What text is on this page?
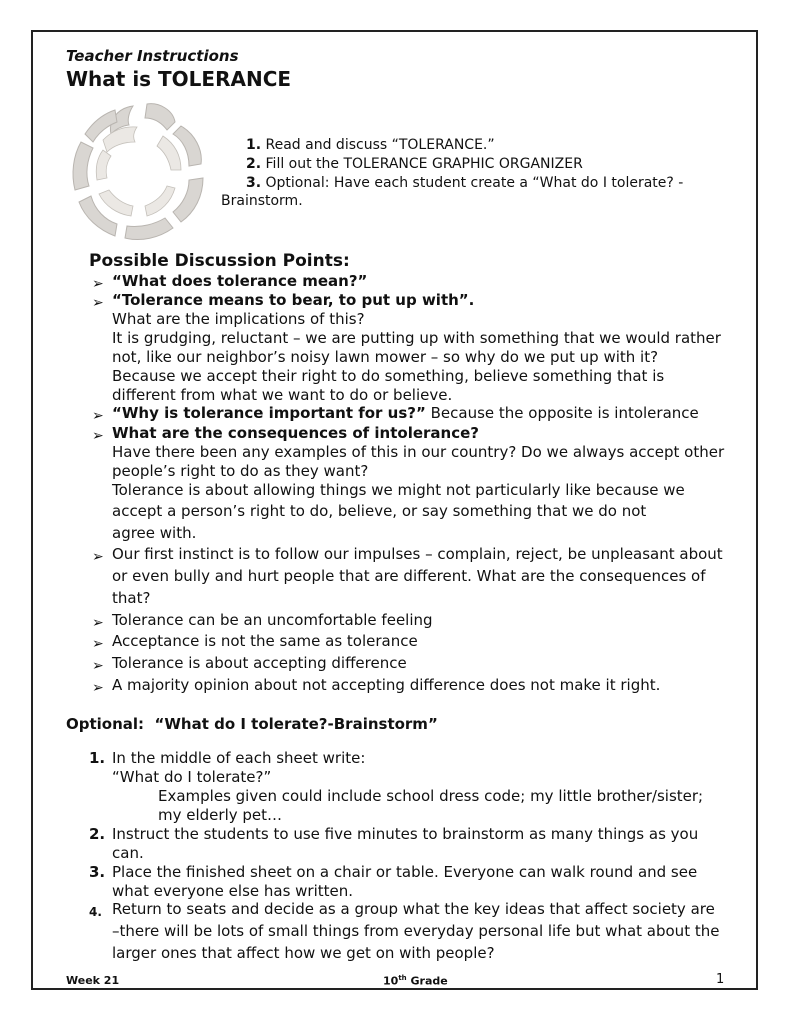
Teacher Instructions
What is TOLERANCE
1. Read and discuss “TOLERANCE.”
2. Fill out the TOLERANCE GRAPHIC ORGANIZER
3. Optional: Have each student create a “What do I tolerate? -
Brainstorm.
Possible Discussion Points:
➢ “What does tolerance mean?”
➢ “Tolerance means to bear, to put up with”.
What are the implications of this?
It is grudging, reluctant – we are putting up with something that we would rather
not, like our neighbor’s noisy lawn mower – so why do we put up with it?
Because we accept their right to do something, believe something that is
different from what we want to do or believe.
➢ “Why is tolerance important for us?” Because the opposite is intolerance
➢ What are the consequences of intolerance?
Have there been any examples of this in our country? Do we always accept other
people’s right to do as they want?
Tolerance is about allowing things we might not particularly like because we
accept a person’s right to do, believe, or say something that we do not
agree with.
➢ Our first instinct is to follow our impulses – complain, reject, be unpleasant about
or even bully and hurt people that are different. What are the consequences of
that?
➢ Tolerance can be an uncomfortable feeling
➢ Acceptance is not the same as tolerance
➢ Tolerance is about accepting difference
➢ A majority opinion about not accepting difference does not make it right.
Optional:  “What do I tolerate?-Brainstorm”
1. In the middle of each sheet write:
“What do I tolerate?”
Examples given could include school dress code; my little brother/sister;
my elderly pet…
2. Instruct the students to use five minutes to brainstorm as many things as you
can.
3. Place the finished sheet on a chair or table. Everyone can walk round and see
what everyone else has written.
4. Return to seats and decide as a group what the key ideas that affect society are
–there will be lots of small things from everyday personal life but what about the
larger ones that affect how we get on with people?
Week 21	10th Grade	1
